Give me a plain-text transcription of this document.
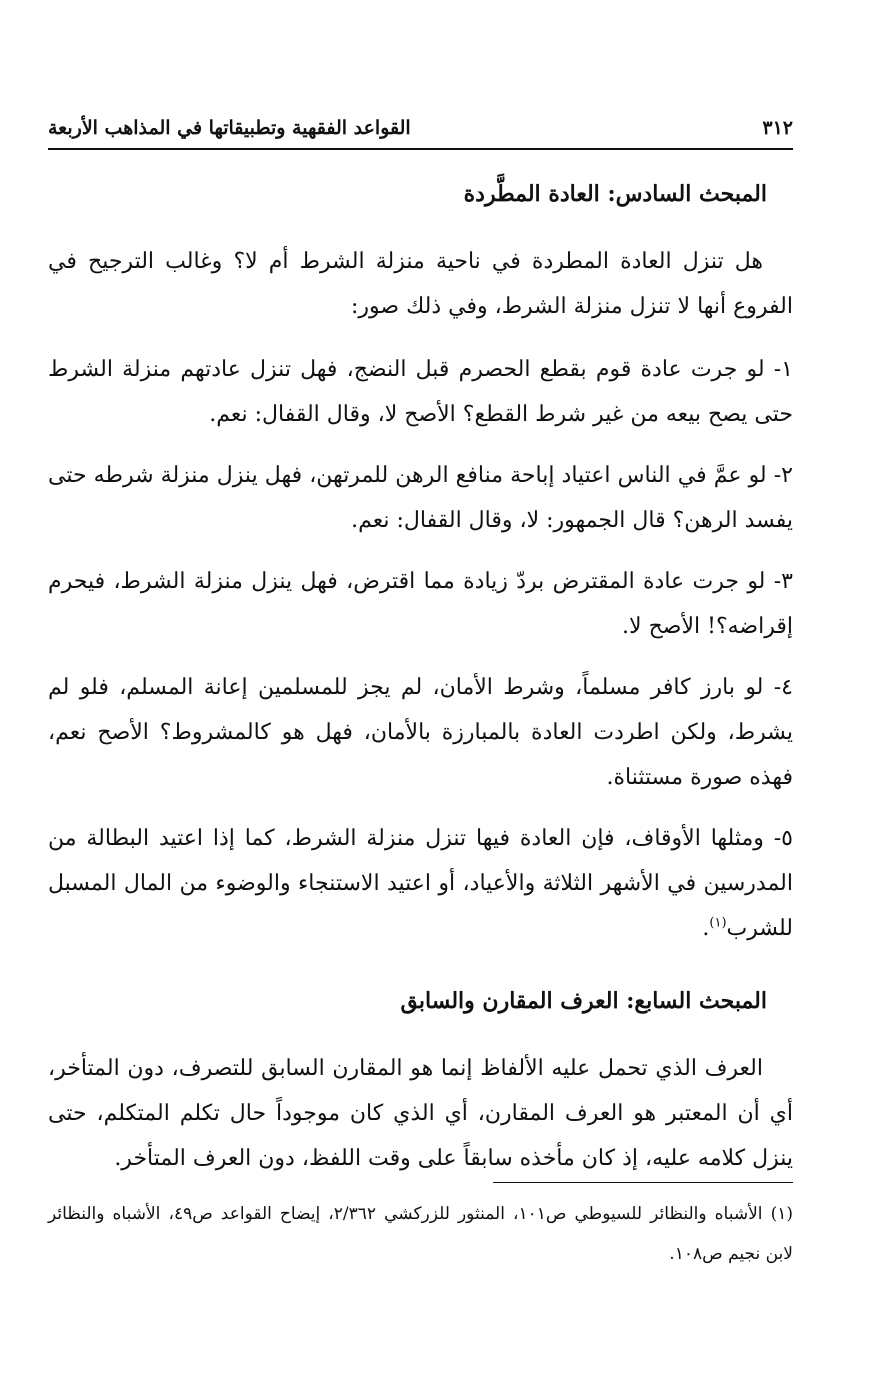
٣١٢
القواعد الفقهية وتطبيقاتها في المذاهب الأربعة
المبحث السادس: العادة المطَّردة

هل تنزل العادة المطردة في ناحية منزلة الشرط أم لا؟ وغالب الترجيح في الفروع أنها لا تنزل منزلة الشرط، وفي ذلك صور:

١- لو جرت عادة قوم بقطع الحصرم قبل النضج، فهل تنزل عادتهم منزلة الشرط حتى يصح بيعه من غير شرط القطع؟ الأصح لا، وقال القفال: نعم.

٢- لو عمَّ في الناس اعتياد إباحة منافع الرهن للمرتهن، فهل ينزل منزلة شرطه حتى يفسد الرهن؟ قال الجمهور: لا، وقال القفال: نعم.

٣- لو جرت عادة المقترض بردّ زيادة مما اقترض، فهل ينزل منزلة الشرط، فيحرم إقراضه؟! الأصح لا.

٤- لو بارز كافر مسلماً، وشرط الأمان، لم يجز للمسلمين إعانة المسلم، فلو لم يشرط، ولكن اطردت العادة بالمبارزة بالأمان، فهل هو كالمشروط؟ الأصح نعم، فهذه صورة مستثناة.

٥- ومثلها الأوقاف، فإن العادة فيها تنزل منزلة الشرط، كما إذا اعتيد البطالة من المدرسين في الأشهر الثلاثة والأعياد، أو اعتيد الاستنجاء والوضوء من المال المسبل للشرب$^{(١)}$.

المبحث السابع: العرف المقارن والسابق

العرف الذي تحمل عليه الألفاظ إنما هو المقارن السابق للتصرف، دون المتأخر، أي أن المعتبر هو العرف المقارن، أي الذي كان موجوداً حال تكلم المتكلم، حتى ينزل كلامه عليه، إذ كان مأخذه سابقاً على وقت اللفظ، دون العرف المتأخر.

(١) الأشباه والنظائر للسيوطي ص١٠١، المنثور للزركشي ٢/٣٦٢، إيضاح القواعد ص٤٩، الأشباه والنظائر لابن نجيم ص١٠٨.
